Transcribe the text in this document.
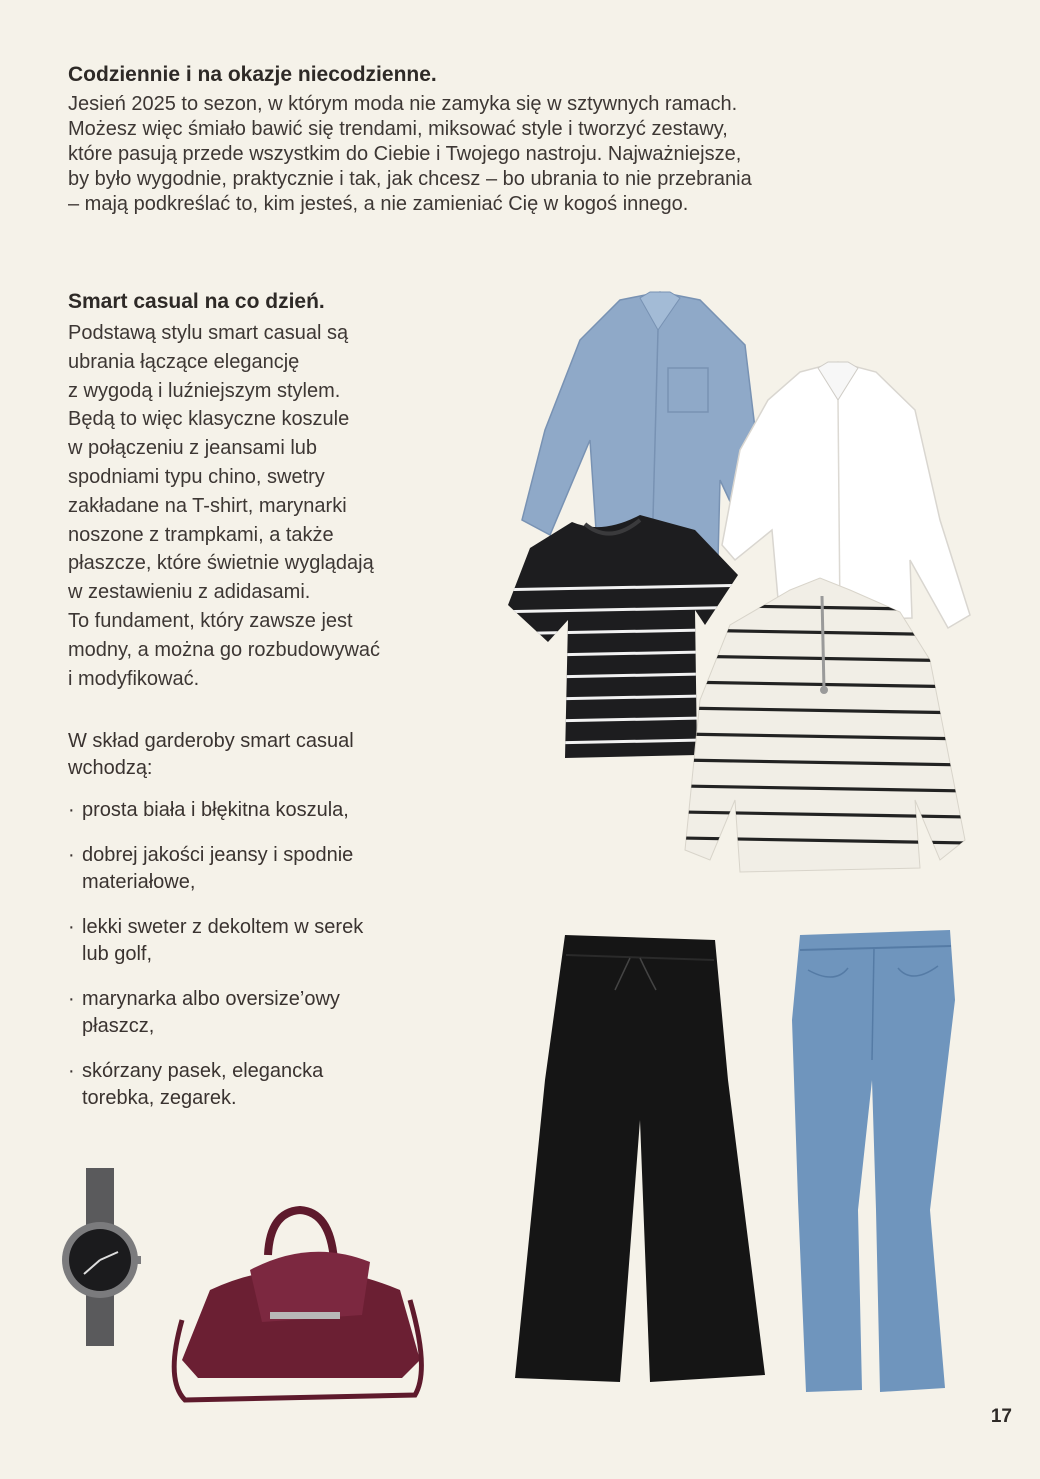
Codziennie i na okazje niecodzienne.

Jesień 2025 to sezon, w którym moda nie zamyka się w sztywnych ramach.
Możesz więc śmiało bawić się trendami, miksować style i tworzyć zestawy,
które pasują przede wszystkim do Ciebie i Twojego nastroju. Najważniejsze,
by było wygodnie, praktycznie i tak, jak chcesz – bo ubrania to nie przebrania
– mają podkreślać to, kim jesteś, a nie zamieniać Cię w kogoś innego.

Smart casual na co dzień.

Podstawą stylu smart casual są
ubrania łączące elegancję
z wygodą i luźniejszym stylem.
Będą to więc klasyczne koszule
w połączeniu z jeansami lub
spodniami typu chino, swetry
zakładane na T-shirt, marynarki
noszone z trampkami, a także
płaszcze, które świetnie wyglądają
w zestawieniu z adidasami.
To fundament, który zawsze jest
modny, a można go rozbudowywać
i modyfikować.

W skład garderoby smart casual
wchodzą:
· prosta biała i błękitna koszula,
· dobrej jakości jeansy i spodnie
materiałowe,
· lekki sweter z dekoltem w serek
lub golf,
· marynarka albo oversize’owy
płaszcz,
· skórzany pasek, elegancka
torebka, zegarek.
17
